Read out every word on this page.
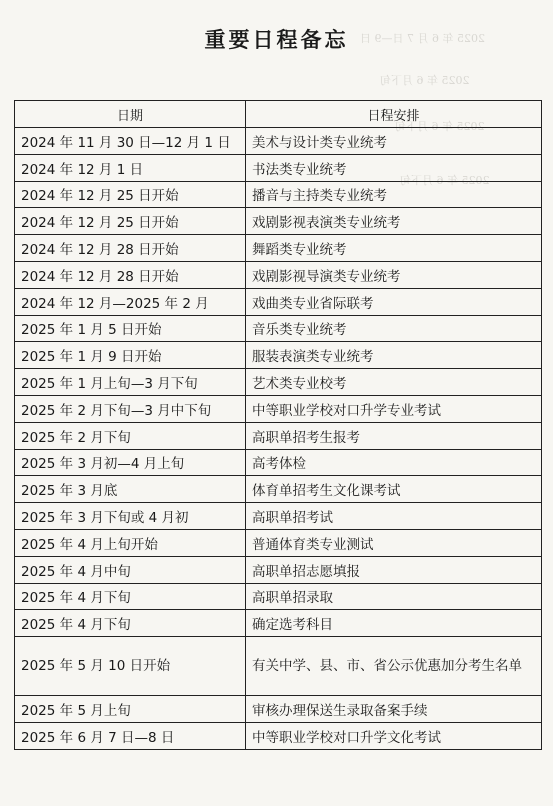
2025 年 6 月 7 日—9 日
2025 年 6 月下旬
2025 年 6 月下旬
2025 年 6 月下旬
重要日程备忘
日期	日程安排
2024 年 11 月 30 日—12 月 1 日	美术与设计类专业统考
2024 年 12 月 1 日	书法类专业统考
2024 年 12 月 25 日开始	播音与主持类专业统考
2024 年 12 月 25 日开始	戏剧影视表演类专业统考
2024 年 12 月 28 日开始	舞蹈类专业统考
2024 年 12 月 28 日开始	戏剧影视导演类专业统考
2024 年 12 月—2025 年 2 月	戏曲类专业省际联考
2025 年 1 月 5 日开始	音乐类专业统考
2025 年 1 月 9 日开始	服装表演类专业统考
2025 年 1 月上旬—3 月下旬	艺术类专业校考
2025 年 2 月下旬—3 月中下旬	中等职业学校对口升学专业考试
2025 年 2 月下旬	高职单招考生报考
2025 年 3 月初—4 月上旬	高考体检
2025 年 3 月底	体育单招考生文化课考试
2025 年 3 月下旬或 4 月初	高职单招考试
2025 年 4 月上旬开始	普通体育类专业测试
2025 年 4 月中旬	高职单招志愿填报
2025 年 4 月下旬	高职单招录取
2025 年 4 月下旬	确定选考科目
2025 年 5 月 10 日开始	有关中学、县、市、省公示优惠加分考生名单
2025 年 5 月上旬	审核办理保送生录取备案手续
2025 年 6 月 7 日—8 日	中等职业学校对口升学文化考试
